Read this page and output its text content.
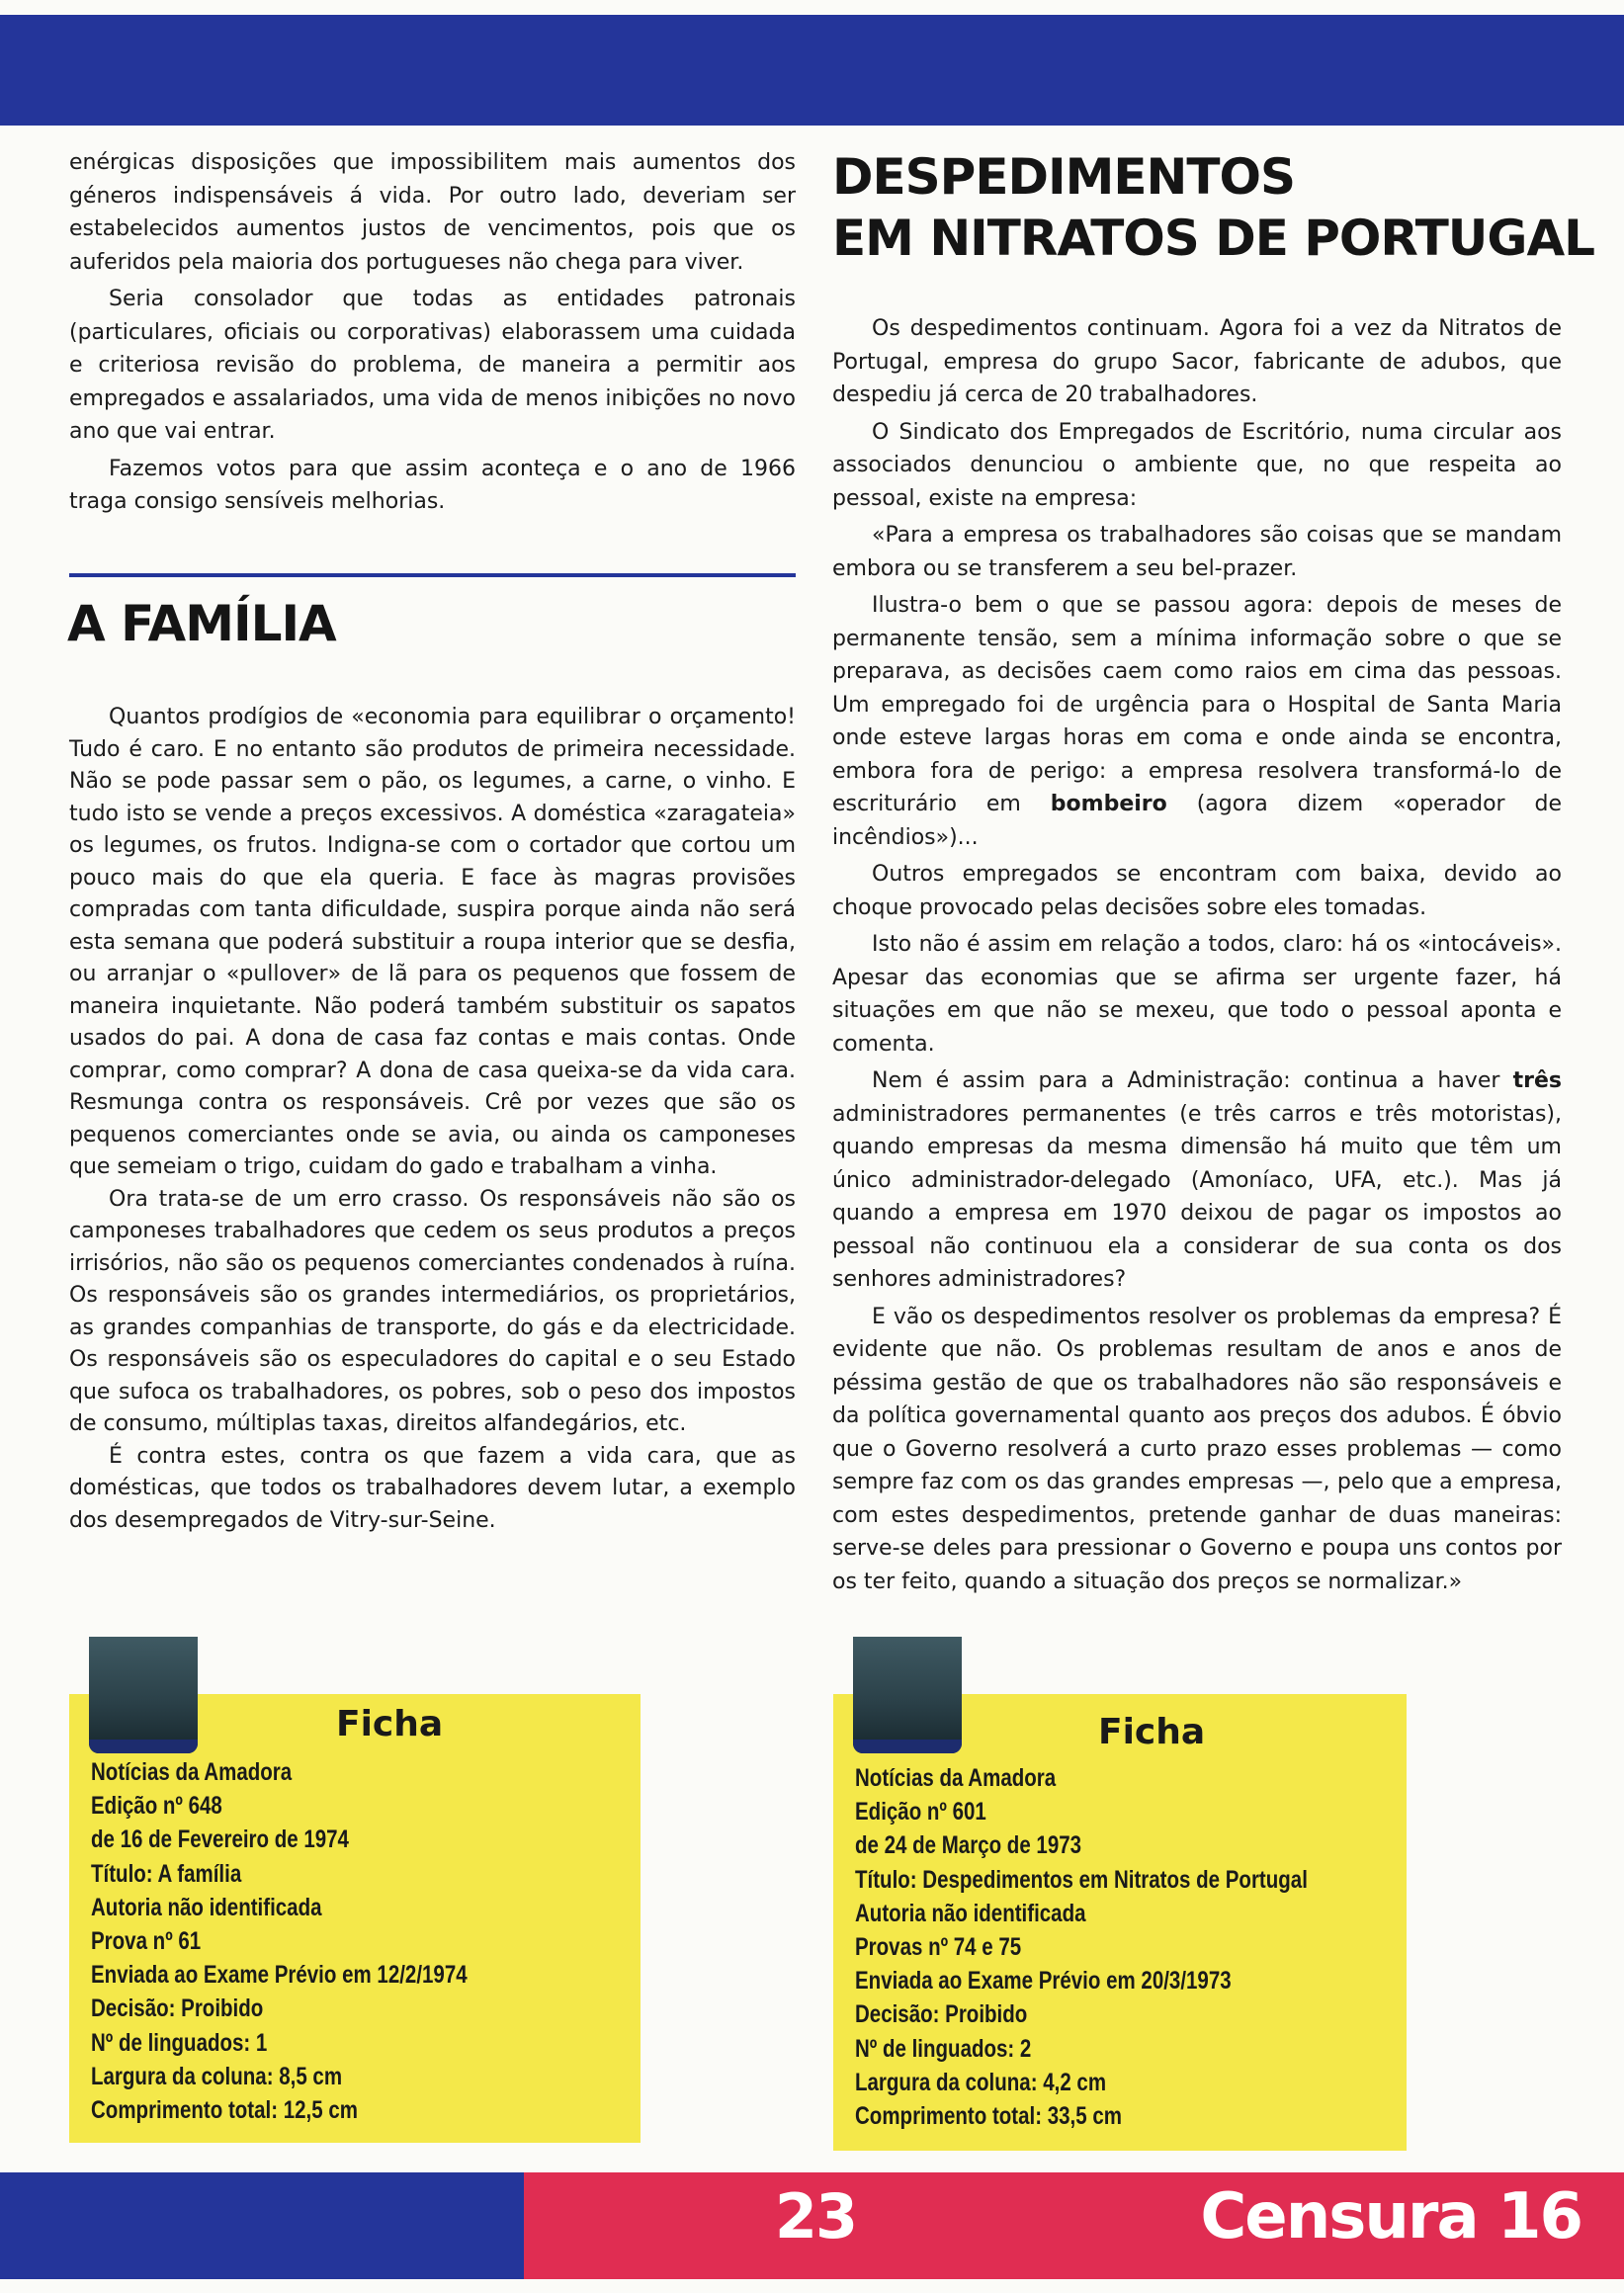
enérgicas disposições que impossibilitem mais aumentos dos géneros indispensáveis á vida. Por outro lado, deveriam ser estabelecidos aumentos justos de vencimentos, pois que os auferidos pela maioria dos portugueses não chega para viver.

Seria consolador que todas as entidades patronais (particulares, oficiais ou corporativas) elaborassem uma cuidada e criteriosa revisão do problema, de maneira a permitir aos empregados e assalariados, uma vida de menos inibições no novo ano que vai entrar.

Fazemos votos para que assim aconteça e o ano de 1966 traga consigo sensíveis melhorias.

A FAMÍLIA

Quantos prodígios de «economia para equilibrar o orçamento! Tudo é caro. E no entanto são produtos de primeira necessidade. Não se pode passar sem o pão, os legumes, a carne, o vinho. E tudo isto se vende a preços excessivos. A doméstica «zaragateia» os legumes, os frutos. Indigna-se com o cortador que cortou um pouco mais do que ela queria. E face às magras provisões compradas com tanta dificuldade, suspira porque ainda não será esta semana que poderá substituir a roupa interior que se desfia, ou arranjar o «pullover» de lã para os pequenos que fossem de maneira inquietante. Não poderá também substituir os sapatos usados do pai. A dona de casa faz contas e mais contas. Onde comprar, como comprar? A dona de casa queixa-se da vida cara. Resmunga contra os responsáveis. Crê por vezes que são os pequenos comerciantes onde se avia, ou ainda os camponeses que semeiam o trigo, cuidam do gado e trabalham a vinha.

Ora trata-se de um erro crasso. Os responsáveis não são os camponeses trabalhadores que cedem os seus produtos a preços irrisórios, não são os pequenos comerciantes condenados à ruína. Os responsáveis são os grandes intermediários, os proprietários, as grandes companhias de transporte, do gás e da electricidade. Os responsáveis são os especuladores do capital e o seu Estado que sufoca os trabalhadores, os pobres, sob o peso dos impostos de consumo, múltiplas taxas, direitos alfandegários, etc.

É contra estes, contra os que fazem a vida cara, que as domésticas, que todos os trabalhadores devem lutar, a exemplo dos desempregados de Vitry-sur-Seine.

DESPEDIMENTOS
EM NITRATOS DE PORTUGAL

Os despedimentos continuam. Agora foi a vez da Nitratos de Portugal, empresa do grupo Sacor, fabricante de adubos, que despediu já cerca de 20 trabalhadores.

O Sindicato dos Empregados de Escritório, numa circular aos associados denunciou o ambiente que, no que respeita ao pessoal, existe na empresa:

«Para a empresa os trabalhadores são coisas que se mandam embora ou se transferem a seu bel-prazer.

Ilustra-o bem o que se passou agora: depois de meses de permanente tensão, sem a mínima informação sobre o que se preparava, as decisões caem como raios em cima das pessoas. Um empregado foi de urgência para o Hospital de Santa Maria onde esteve largas horas em coma e onde ainda se encontra, embora fora de perigo: a empresa resolvera transformá-lo de escriturário em bombeiro (agora dizem «operador de incêndios»)...

Outros empregados se encontram com baixa, devido ao choque provocado pelas decisões sobre eles tomadas.

Isto não é assim em relação a todos, claro: há os «intocáveis». Apesar das economias que se afirma ser urgente fazer, há situações em que não se mexeu, que todo o pessoal aponta e comenta.

Nem é assim para a Administração: continua a haver três administradores permanentes (e três carros e três motoristas), quando empresas da mesma dimensão há muito que têm um único administrador-delegado (Amoníaco, UFA, etc.). Mas já quando a empresa em 1970 deixou de pagar os impostos ao pessoal não continuou ela a considerar de sua conta os dos senhores administradores?

E vão os despedimentos resolver os problemas da empresa? É evidente que não. Os problemas resultam de anos e anos de péssima gestão de que os trabalhadores não são responsáveis e da política governamental quanto aos preços dos adubos. É óbvio que o Governo resolverá a curto prazo esses problemas — como sempre faz com os das grandes empresas —, pelo que a empresa, com estes despedimentos, pretende ganhar de duas maneiras: serve-se deles para pressionar o Governo e poupa uns contos por os ter feito, quando a situação dos preços se normalizar.»

Ficha
Notícias da Amadora
Edição nº 648
de 16 de Fevereiro de 1974
Título: A família
Autoria não identificada
Prova nº 61
Enviada ao Exame Prévio em 12/2/1974
Decisão: Proibido
Nº de linguados: 1
Largura da coluna: 8,5 cm
Comprimento total: 12,5 cm
Ficha
Notícias da Amadora
Edição nº 601
de 24 de Março de 1973
Título: Despedimentos em Nitratos de Portugal
Autoria não identificada
Provas nº 74 e 75
Enviada ao Exame Prévio em 20/3/1973
Decisão: Proibido
Nº de linguados: 2
Largura da coluna: 4,2 cm
Comprimento total: 33,5 cm
23	Censura 16
